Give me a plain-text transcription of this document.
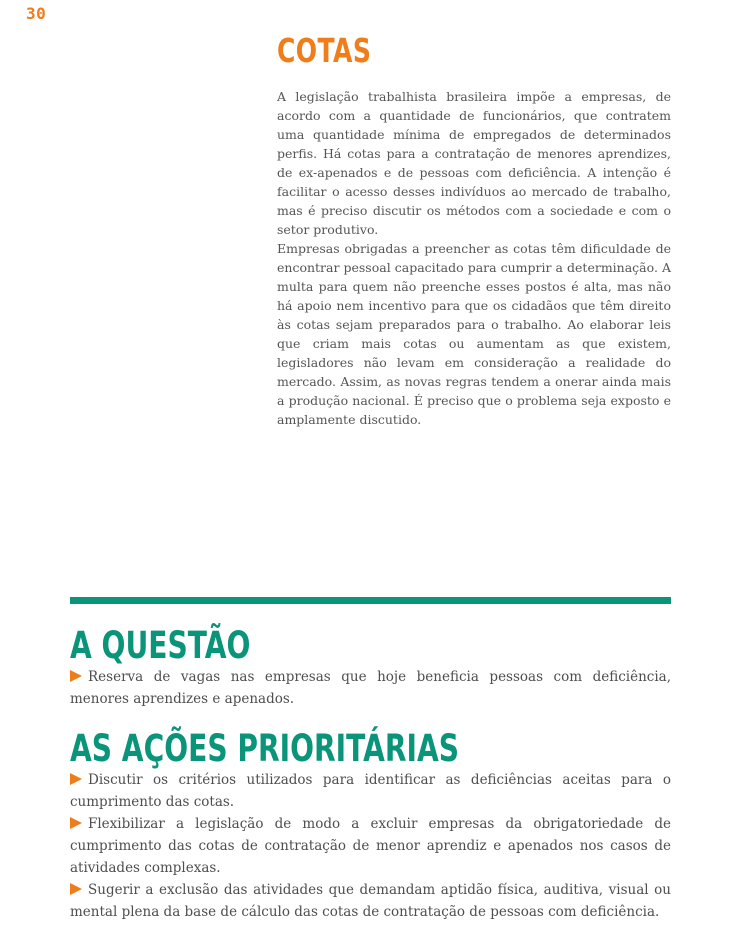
30
COTAS

A legislação trabalhista brasileira impõe a empresas, de acordo com a quantidade de funcionários, que contratem uma quantidade mínima de empregados de determinados perfis. Há cotas para a contratação de menores aprendizes, de ex-apenados e de pessoas com deficiência. A intenção é facilitar o acesso desses indivíduos ao mercado de trabalho, mas é preciso discutir os métodos com a sociedade e com o setor produtivo.

Empresas obrigadas a preencher as cotas têm dificuldade de encontrar pessoal capacitado para cumprir a determinação. A multa para quem não preenche esses postos é alta, mas não há apoio nem incentivo para que os cidadãos que têm direito às cotas sejam preparados para o trabalho. Ao elaborar leis que criam mais cotas ou aumentam as que existem, legisladores não levam em consideração a realidade do mercado. Assim, as novas regras tendem a onerar ainda mais a produção nacional. É preciso que o problema seja exposto e amplamente discutido.

A QUESTÃO

Reserva de vagas nas empresas que hoje beneficia pessoas com deficiência, menores aprendizes e apenados.

AS AÇÕES PRIORITÁRIAS

Discutir os critérios utilizados para identificar as deficiências aceitas para o cumprimento das cotas.

Flexibilizar a legislação de modo a excluir empresas da obrigatoriedade de cumprimento das cotas de contratação de menor aprendiz e apenados nos casos de atividades complexas.

Sugerir a exclusão das atividades que demandam aptidão física, auditiva, visual ou mental plena da base de cálculo das cotas de contratação de pessoas com deficiência.
